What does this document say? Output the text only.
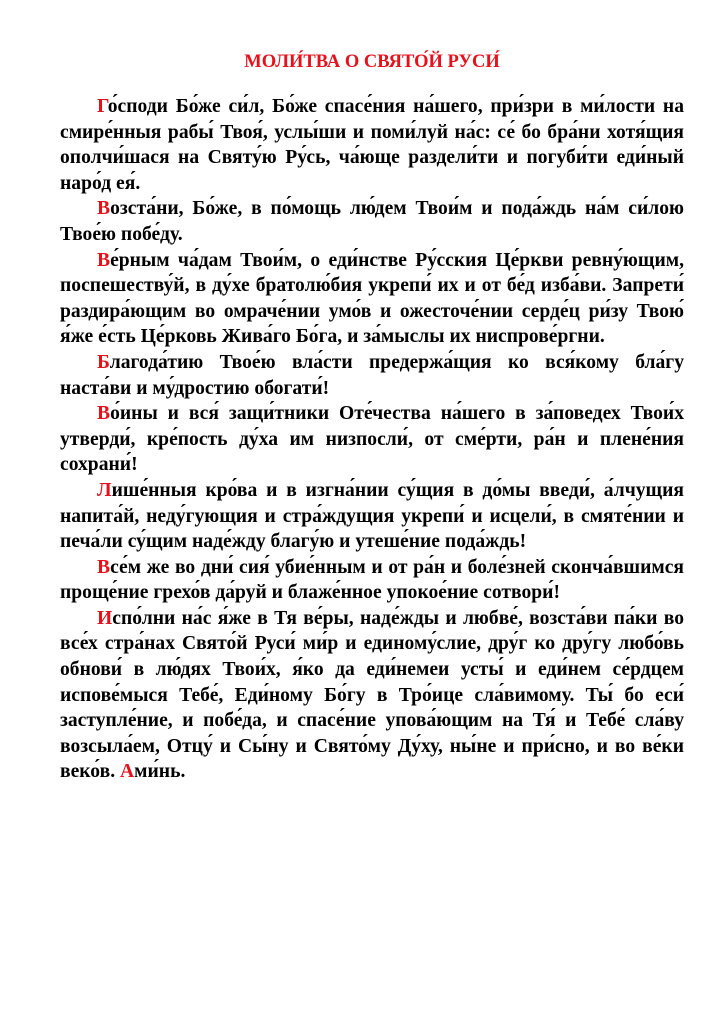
МОЛИ́ТВА О СВЯТО́Й РУСИ́

Го́споди Бо́же си́л, Бо́же спасе́ния на́шего, при́зри в ми́лости на смире́нныя рабы́ Твоя́, услы́ши и поми́луй на́с: се́ бо бра́ни хотя́щия ополчи́шася на Святу́ю Ру́сь, ча́юще раздели́ти и погуби́ти еди́ный наро́д ея́.

Возста́ни, Бо́же, в по́мощь лю́дем Твои́м и пода́ждь на́м си́лою Твое́ю побе́ду.

Ве́рным ча́дам Твои́м, о еди́нстве Ру́сския Це́ркви ревну́ющим, поспешеству́й, в ду́хе братолю́бия укрепи́ их и от бе́д изба́ви. Запрети́ раздира́ющим во омраче́нии умо́в и ожесточе́нии серде́ц ри́зу Твою́ я́же е́сть Це́рковь Жива́го Бо́га, и за́мыслы их ниспрове́ргни.

Благода́тию Твое́ю вла́сти предержа́щия ко вся́кому бла́гу наста́ви и му́дростию обогати́!

Во́ины и вся́ защи́тники Оте́чества на́шего в за́поведех Твои́х утверди́, кре́пость ду́ха им низпосли́, от сме́рти, ра́н и плене́ния сохрани́!

Лише́нныя кро́ва и в изгна́нии су́щия в до́мы введи́, а́лчущия напита́й, неду́гующия и стра́ждущия укрепи́ и исцели́, в смяте́нии и печа́ли су́щим наде́жду благу́ю и утеше́ние пода́ждь!

Все́м же во дни́ сия́ убие́нным и от ра́н и боле́зней сконча́вшимся проще́ние грехо́в да́руй и блаже́нное упокое́ние сотвори́!

Испо́лни на́с я́же в Тя ве́ры, наде́жды и любве́, возста́ви па́ки во все́х стра́нах Свято́й Руси́ ми́р и единому́слие, дру́г ко дру́гу любо́вь обнови́ в лю́дях Твои́х, я́ко да еди́немеи усты́ и еди́нем се́рдцем испове́мыся Тебе́, Еди́ному Бо́гу в Тро́ице сла́вимому. Ты́ бо еси́ заступле́ние, и побе́да, и спасе́ние упова́ющим на Тя́ и Тебе́ сла́ву возсыла́ем, Отцу́ и Сы́ну и Свято́му Ду́ху, ны́не и при́сно, и во ве́ки веко́в. Ами́нь.
